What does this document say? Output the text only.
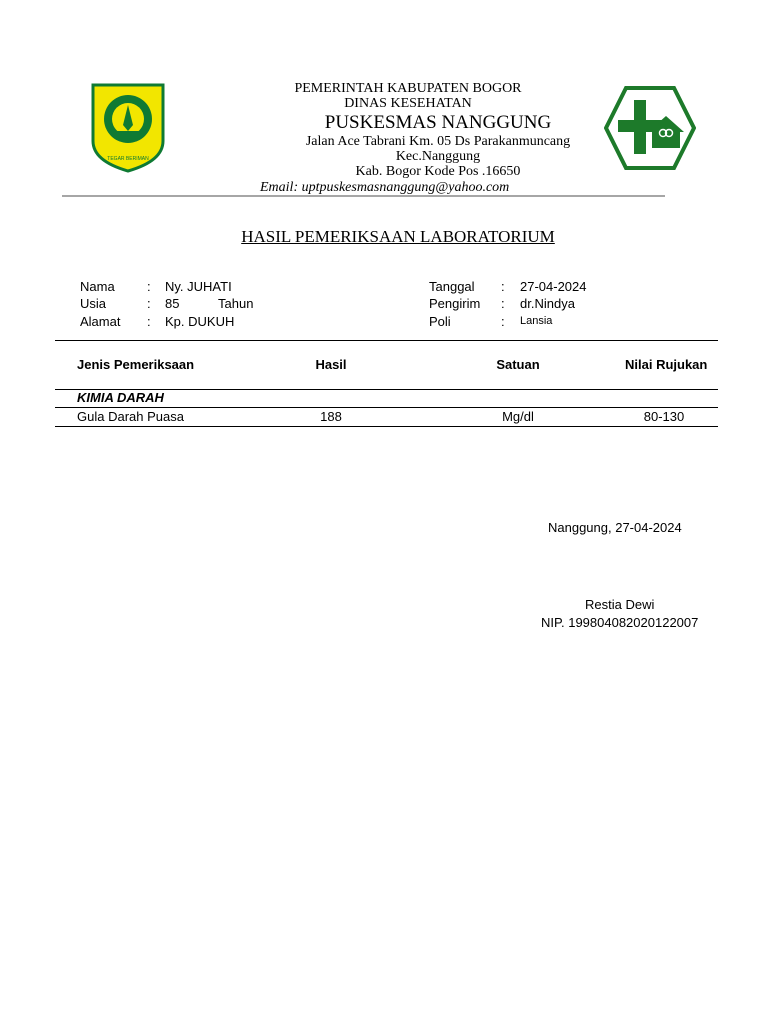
TEGAR BERIMAN
PEMERINTAH KABUPATEN BOGOR
DINAS KESEHATAN
PUSKESMAS NANGGUNG
Jalan Ace Tabrani Km. 05 Ds Parakanmuncang
Kec.Nanggung
Kab. Bogor Kode Pos .16650
Email: uptpuskesmasnanggung@yahoo.com
HASIL PEMERIKSAAN LABORATORIUM
Nama : Ny. JUHATI
Usia	: 85	Tahun
Alamat : Kp. DUKUH
Tanggal : 27-04-2024
Pengirim : dr.Nindya
Poli	: Lansia
Jenis Pemeriksaan	Hasil	Satuan	Nilai Rujukan
KIMIA DARAH
Gula Darah Puasa	188	Mg/dl	80-130
Nanggung, 27-04-2024
Restia Dewi
NIP. 199804082020122007
